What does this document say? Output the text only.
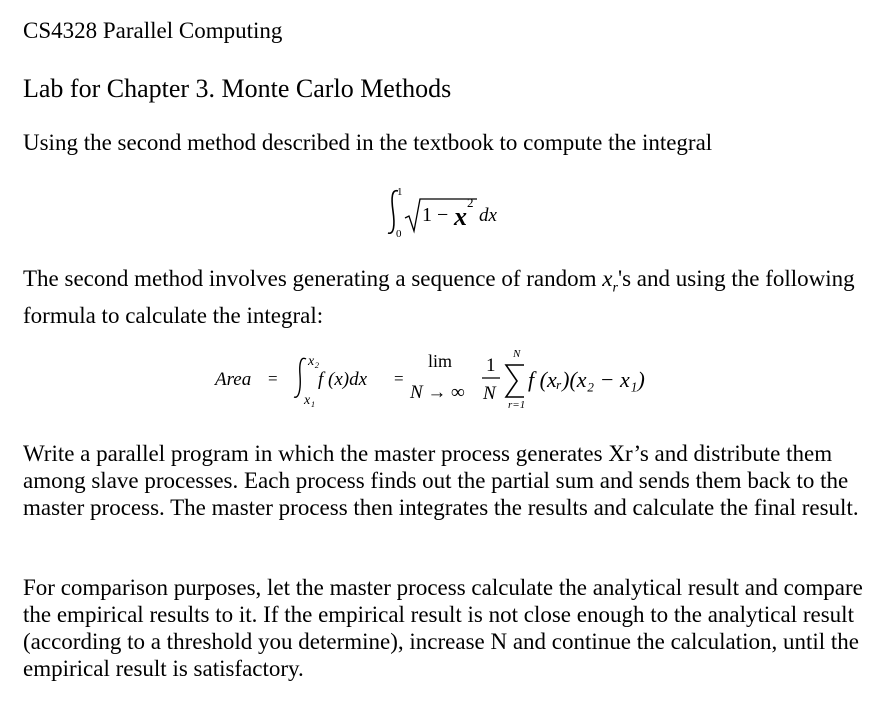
CS4328 Parallel Computing
Lab for Chapter 3. Monte Carlo Methods
Using the second method described in the textbook to compute the integral
1
0
1 − x 2
dx
The second method involves generating a sequence of random $x_r's$ and using the following formula to calculate the integral:
Area =
x₂
x₁
f (x)dx =
lim
N → ∞
1
N
N
r=1
f (xᵣ)(x₂ − x₁)
Write a parallel program in which the master process generates Xr’s and distribute them among slave processes. Each process finds out the partial sum and sends them back to the master process. The master process then integrates the results and calculate the final result.
For comparison purposes, let the master process calculate the analytical result and compare the empirical results to it. If the empirical result is not close enough to the analytical result (according to a threshold you determine), increase N and continue the calculation, until the empirical result is satisfactory.
